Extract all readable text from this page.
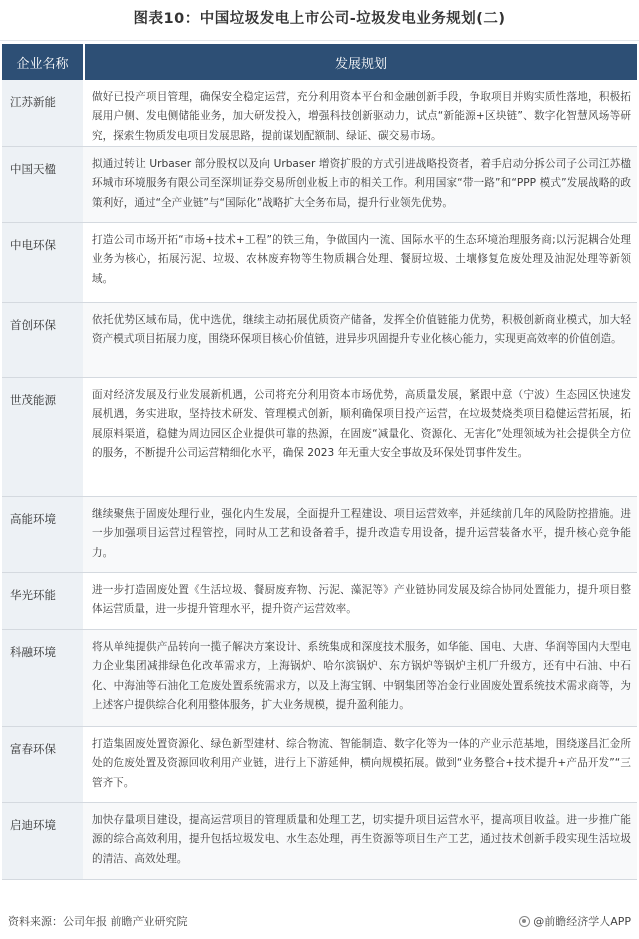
图表10：中国垃圾发电上市公司-垃圾发电业务规划(二)
企业名称	发展规划
江苏新能	做好已投产项目管理，确保安全稳定运营，充分利用资本平台和金融创新手段，争取项目并购实质性落地，积极拓展用户侧、发电侧储能业务，加大研发投入，增强科技创新驱动力，试点“新能源+区块链”、数字化智慧风场等研究，探索生物质发电项目发展思路，提前谋划配额制、绿证、碳交易市场。
中国天楹	拟通过转让 Urbaser 部分股权以及向 Urbaser 增资扩股的方式引进战略投资者，着手启动分拆公司子公司江苏楹环城市环境服务有限公司至深圳证券交易所创业板上市的相关工作。利用国家“带一路”和“PPP 模式”发展战略的政策利好，通过“全产业链”与“国际化”战略扩大全务布局，提升行业领先优势。
中电环保	打造公司市场开拓“市场+技术+工程”的铁三角，争做国内一流、国际水平的生态环境治理服务商;以污泥耦合处理业务为核心，拓展污泥、垃圾、农林废弃物等生物质耦合处理、餐厨垃圾、土壤修复危废处理及油泥处理等新领域。
首创环保	依托优势区域布局，优中选优，继续主动拓展优质资产储备，发挥全价值链能力优势，积极创新商业模式，加大轻资产模式项目拓展力度，围绕环保项目核心价值链，进异步巩固提升专业化核心能力，实现更高效率的价值创造。
世茂能源	面对经济发展及行业发展新机遇，公司将充分利用资本市场优势，高质量发展，紧跟中意（宁波）生态园区快速发展机遇，务实进取，坚持技术研发、管理模式创新，顺利确保项目投产运营，在垃圾焚烧类项目稳健运营拓展，拓展原料渠道，稳健为周边园区企业提供可靠的热源，在固废“减量化、资源化、无害化”处理领域为社会提供全方位的服务，不断提升公司运营精细化水平，确保 2023 年无重大安全事故及环保处罚事件发生。
高能环境	继续聚焦于固废处理行业，强化内生发展，全面提升工程建设、项目运营效率，并延续前几年的风险防控措施。进一步加强项目运营过程管控，同时从工艺和设备着手，提升改造专用设备，提升运营装备水平，提升核心竞争能力。
华光环能	进一步打造固废处置《生活垃圾、餐厨废弃物、污泥、藻泥等》产业链协同发展及综合协同处置能力，提升项目整体运营质量，进一步提升管理水平，提升资产运营效率。
科融环境	将从单纯提供产品转向一揽子解决方案设计、系统集成和深度技术服务，如华能、国电、大唐、华润等国内大型电力企业集团减排绿色化改革需求方，上海锅炉、哈尔滨锅炉、东方锅炉等锅炉主机厂升级方，还有中石油、中石化、中海油等石油化工危废处置系统需求方，以及上海宝钢、中钢集团等冶金行业固废处置系统技术需求商等，为上述客户提供综合化利用整体服务，扩大业务规模，提升盈利能力。
富春环保	打造集固废处置资源化、绿色新型建材、综合物流、智能制造、数字化等为一体的产业示范基地，围绕遂昌汇金所处的危废处置及资源回收利用产业链，进行上下游延伸，横向规模拓展。做到“业务整合+技术提升+产品开发”“三管齐下。
启迪环境	加快存量项目建设，提高运营项目的管理质量和处理工艺，切实提升项目运营水平，提高项目收益。进一步推广能源的综合高效利用，提升包括垃圾发电、水生态处理，再生资源等项目生产工艺，通过技术创新手段实现生活垃圾的清洁、高效处理。
资料来源：公司年报 前瞻产业研究院	@前瞻经济学人APP
